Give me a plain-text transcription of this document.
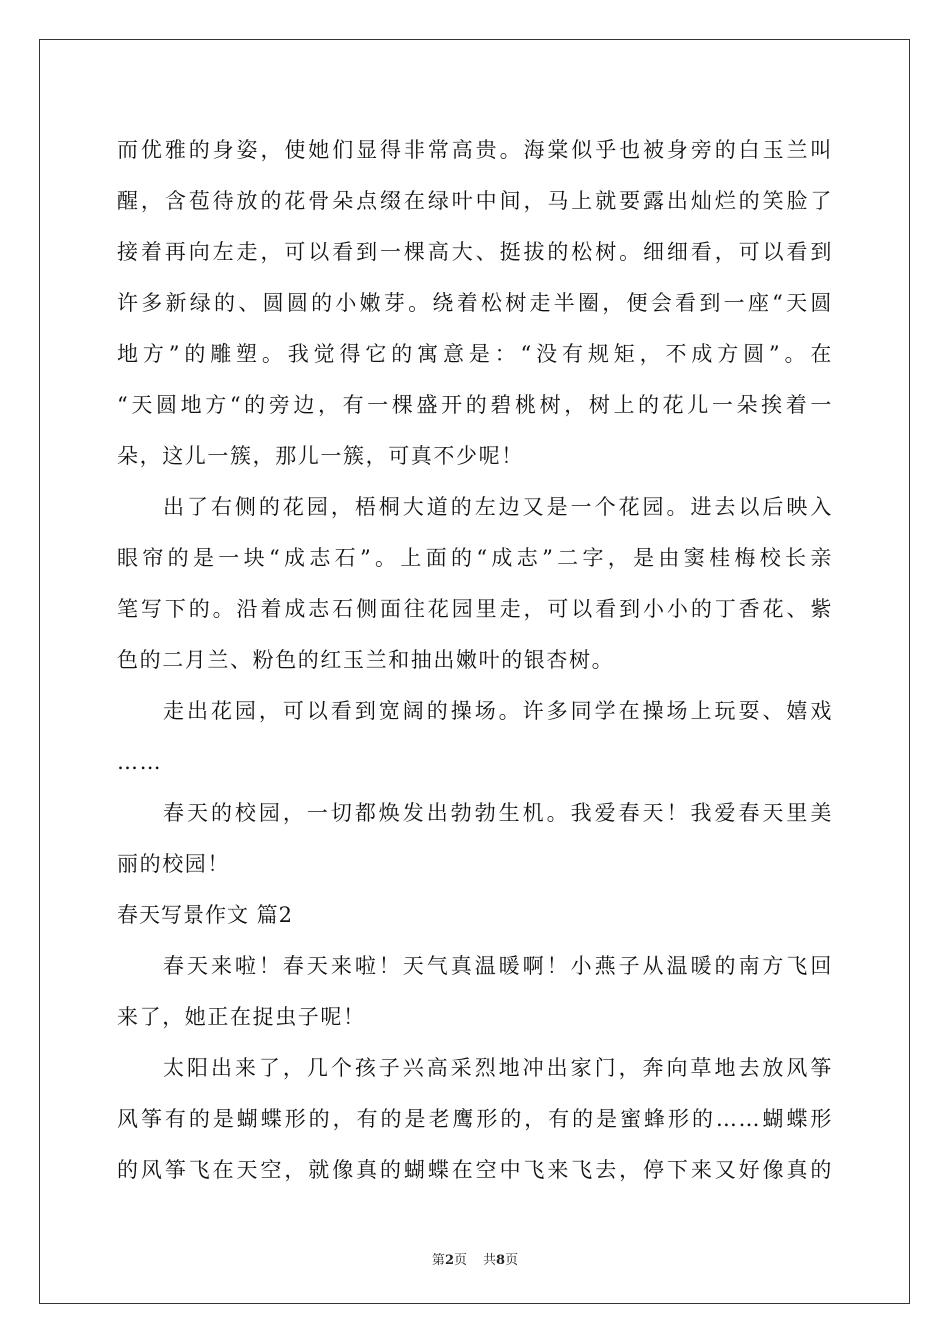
而优雅的身姿，使她们显得非常高贵。海棠似乎也被身旁的白玉兰叫
醒，含苞待放的花骨朵点缀在绿叶中间，马上就要露出灿烂的笑脸了
接着再向左走，可以看到一棵高大、挺拔的松树。细细看，可以看到
许多新绿的、圆圆的小嫩芽。绕着松树走半圈，便会看到一座“天圆
地方”的雕塑。我觉得它的寓意是：“没有规矩，不成方圆”。在
“天圆地方“的旁边，有一棵盛开的碧桃树，树上的花儿一朵挨着一
朵，这儿一簇，那儿一簇，可真不少呢！
出了右侧的花园，梧桐大道的左边又是一个花园。进去以后映入
眼帘的是一块“成志石”。上面的“成志”二字，是由窦桂梅校长亲
笔写下的。沿着成志石侧面往花园里走，可以看到小小的丁香花、紫
色的二月兰、粉色的红玉兰和抽出嫩叶的银杏树。
走出花园，可以看到宽阔的操场。许多同学在操场上玩耍、嬉戏
……
春天的校园，一切都焕发出勃勃生机。我爱春天！我爱春天里美
丽的校园！
春天写景作文 篇2
春天来啦！春天来啦！天气真温暖啊！小燕子从温暖的南方飞回
来了，她正在捉虫子呢！
太阳出来了，几个孩子兴高采烈地冲出家门，奔向草地去放风筝
风筝有的是蝴蝶形的，有的是老鹰形的，有的是蜜蜂形的……蝴蝶形
的风筝飞在天空，就像真的蝴蝶在空中飞来飞去，停下来又好像真的
第2页 共8页
